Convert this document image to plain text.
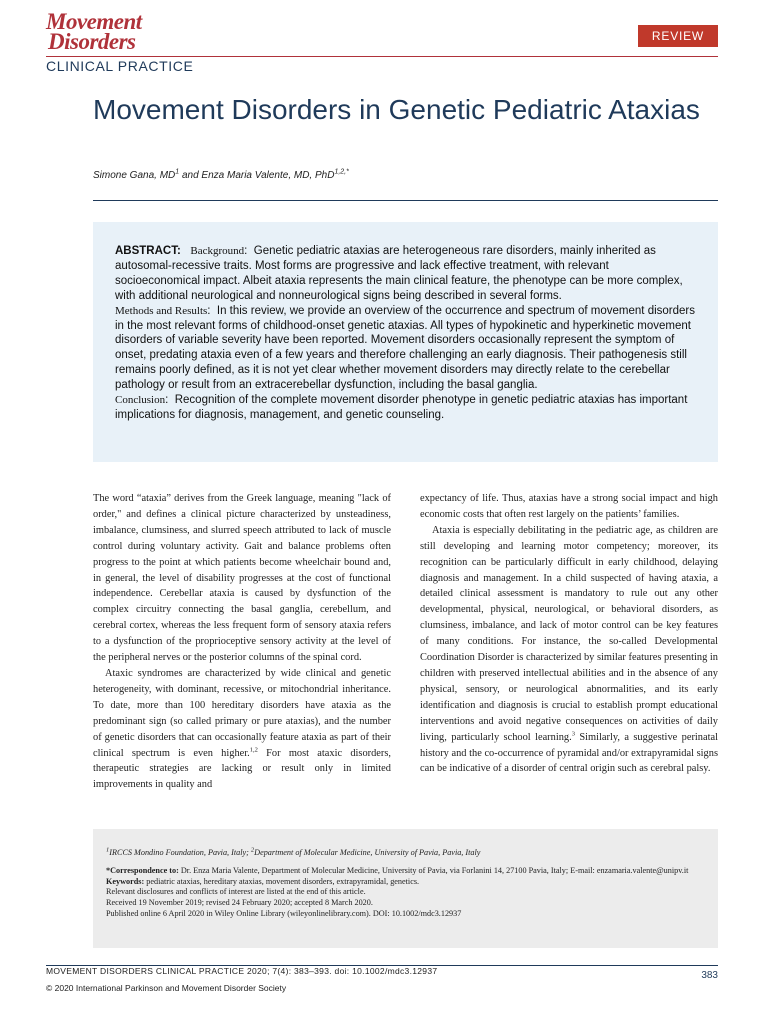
Movement
Disorders	REVIEW
CLINICAL PRACTICE
Movement Disorders in Genetic Pediatric Ataxias
Simone Gana, $MD^1$ and Enza Maria Valente, MD, PhD$^{1,2,*}$

ABSTRACT: Background:  Genetic pediatric ataxias are heterogeneous rare disorders, mainly inherited as autosomal-recessive traits. Most forms are progressive and lack effective treatment, with relevant socioeconomical impact. Albeit ataxia represents the main clinical feature, the phenotype can be more complex, with additional neurological and nonneurological signs being described in several forms.

Methods and Results:  In this review, we provide an overview of the occurrence and spectrum of movement disorders in the most relevant forms of childhood-onset genetic ataxias. All types of hypokinetic and hyperkinetic movement disorders of variable severity have been reported. Movement disorders occasionally represent the symptom of onset, predating ataxia even of a few years and therefore challenging an early diagnosis. Their pathogenesis still remains poorly defined, as it is not yet clear whether movement disorders may directly relate to the cerebellar pathology or result from an extracerebellar dysfunction, including the basal ganglia.

Conclusion:  Recognition of the complete movement disorder phenotype in genetic pediatric ataxias has important implications for diagnosis, management, and genetic counseling.

The word “ataxia” derives from the Greek language, meaning "lack of order," and defines a clinical picture characterized by unsteadiness, imbalance, clumsiness, and slurred speech attributed to lack of muscle control during voluntary activity. Gait and balance problems often progress to the point at which patients become wheelchair bound and, in general, the level of disability progresses at the cost of functional independence. Cerebellar ataxia is caused by dysfunction of the complex circuitry connecting the basal ganglia, cerebellum, and cerebral cortex, whereas the less frequent form of sensory ataxia refers to a dysfunction of the proprioceptive sensory activity at the level of the peripheral nerves or the posterior columns of the spinal cord.

Ataxic syndromes are characterized by wide clinical and genetic heterogeneity, with dominant, recessive, or mitochondrial inheritance. To date, more than 100 hereditary disorders have ataxia as the predominant sign (so called primary or pure ataxias), and the number of genetic disorders that can occasionally feature ataxia as part of their clinical spectrum is even higher.$^{1,2}$ For most ataxic disorders, therapeutic strategies are lacking or result only in limited improvements in quality and

expectancy of life. Thus, ataxias have a strong social impact and high economic costs that often rest largely on the patients’ families.

Ataxia is especially debilitating in the pediatric age, as children are still developing and learning motor competency; moreover, its recognition can be particularly difficult in early childhood, delaying diagnosis and management. In a child suspected of having ataxia, a detailed clinical assessment is mandatory to rule out any other developmental, physical, neurological, or behavioral disorders, as clumsiness, imbalance, and lack of motor control can be key features of many conditions. For instance, the so-called Developmental Coordination Disorder is characterized by similar features presenting in children with preserved intellectual abilities and in the absence of any physical, sensory, or neurological abnormalities, and its early identification and diagnosis is crucial to establish prompt educational interventions and avoid negative consequences on activities of daily living, particularly school learning.$^3$ Similarly, a suggestive perinatal history and the co-occurrence of pyramidal and/or extrapyramidal signs can be indicative of a disorder of central origin such as cerebral palsy.

$^1$IRCCS Mondino Foundation, Pavia, Italy; $^2$Department of Molecular Medicine, University of Pavia, Pavia, Italy
*Correspondence to: Dr. Enza Maria Valente, Department of Molecular Medicine, University of Pavia, via Forlanini 14, 27100 Pavia, Italy; E-mail: enzamaria.valente@unipv.it
Keywords: pediatric ataxias, hereditary ataxias, movement disorders, extrapyramidal, genetics.
Relevant disclosures and conflicts of interest are listed at the end of this article.
Received 19 November 2019; revised 24 February 2020; accepted 8 March 2020.
Published online 6 April 2020 in Wiley Online Library (wileyonlinelibrary.com). DOI: 10.1002/mdc3.12937
MOVEMENT DISORDERS CLINICAL PRACTICE 2020; 7(4): 383–393. doi: 10.1002/mdc3.12937	383
© 2020 International Parkinson and Movement Disorder Society
